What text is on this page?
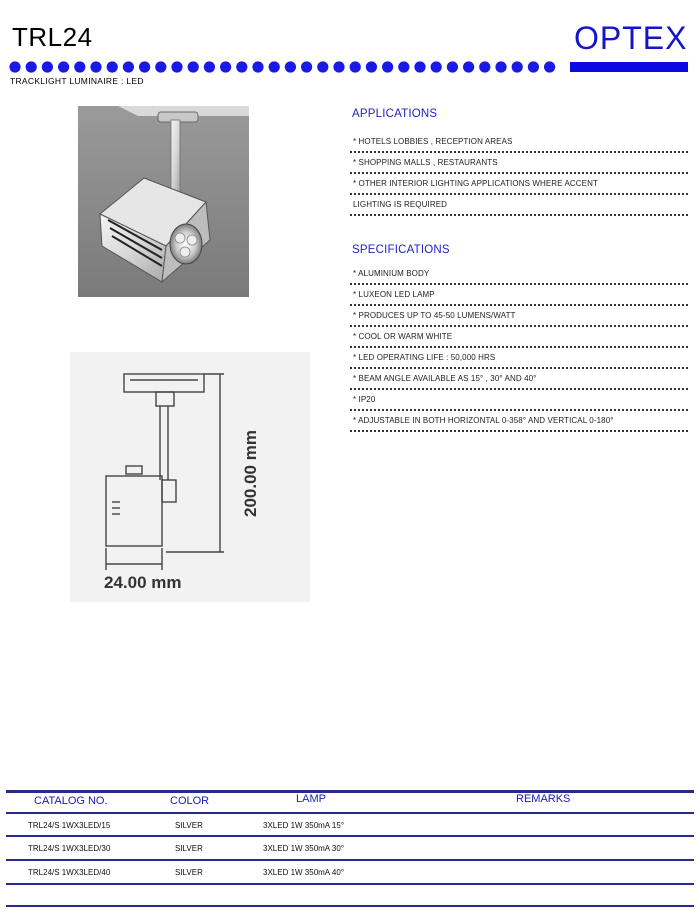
TRL24	OPTEX
TRACKLIGHT LUMINAIRE : LED
200.00 mm
24.00 mm
APPLICATIONS
* HOTELS LOBBIES , RECEPTION AREAS
* SHOPPING MALLS , RESTAURANTS
* OTHER INTERIOR LIGHTING APPLICATIONS WHERE ACCENT
LIGHTING IS REQUIRED
SPECIFICATIONS
* ALUMINIUM BODY
* LUXEON LED LAMP
* PRODUCES UP TO 45-50 LUMENS/WATT
* COOL OR WARM WHITE
* LED OPERATING LIFE : 50,000 HRS
* BEAM ANGLE AVAILABLE AS 15° , 30° AND 40°
* IP20
* ADJUSTABLE IN BOTH HORIZONTAL 0-358° AND VERTICAL 0-180°
CATALOG NO.	COLOR	LAMP	REMARKS
TRL24/S 1WX3LED/15	SILVER	3XLED 1W 350mA 15°
TRL24/S 1WX3LED/30	SILVER	3XLED 1W 350mA 30°
TRL24/S 1WX3LED/40	SILVER	3XLED 1W 350mA 40°
